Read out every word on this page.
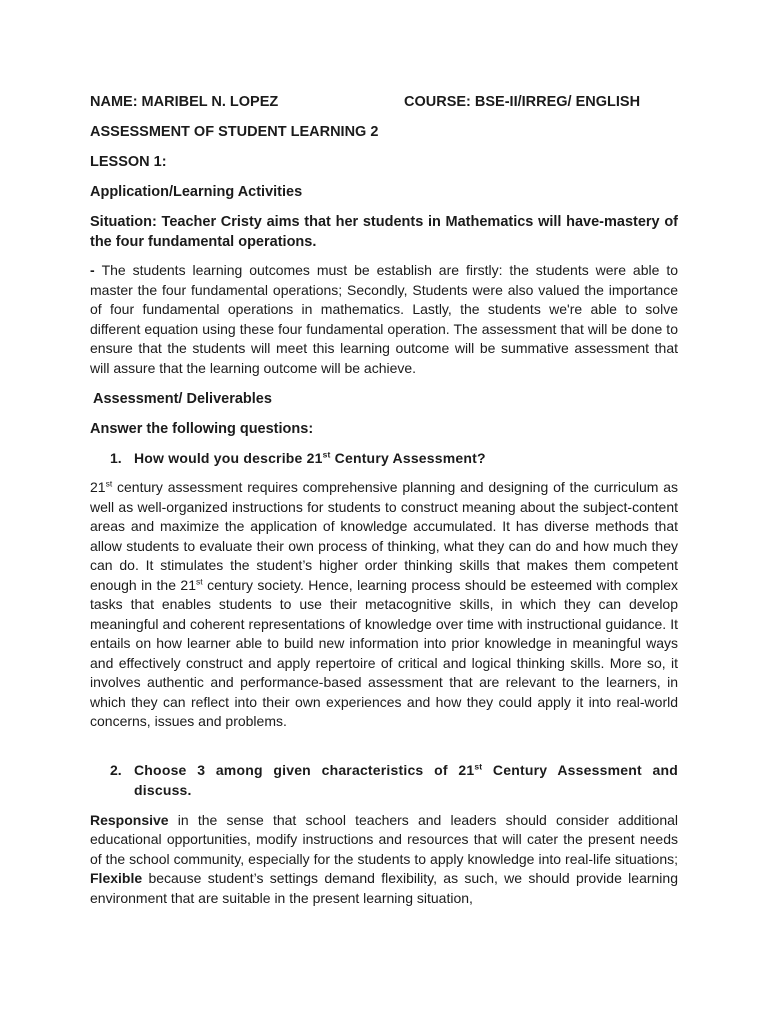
NAME: MARIBEL N. LOPEZ	COURSE: BSE-II/IRREG/ ENGLISH
ASSESSMENT OF STUDENT LEARNING 2
LESSON 1:
Application/Learning Activities

Situation: Teacher Cristy aims that her students in Mathematics will have-mastery of the four fundamental operations.

- The students learning outcomes must be establish are firstly: the students were able to master the four fundamental operations; Secondly, Students were also valued the importance of four fundamental operations in mathematics. Lastly, the students we're able to solve different equation using these four fundamental operation. The assessment that will be done to ensure that the students will meet this learning outcome will be summative assessment that will assure that the learning outcome will be achieve.

Assessment/ Deliverables
Answer the following questions:
1. How would you describe 21st Century Assessment?

21st century assessment requires comprehensive planning and designing of the curriculum as well as well-organized instructions for students to construct meaning about the subject-content areas and maximize the application of knowledge accumulated. It has diverse methods that allow students to evaluate their own process of thinking, what they can do and how much they can do. It stimulates the student’s higher order thinking skills that makes them competent enough in the 21st century society. Hence, learning process should be esteemed with complex tasks that enables students to use their metacognitive skills, in which they can develop meaningful and coherent representations of knowledge over time with instructional guidance. It entails on how learner able to build new information into prior knowledge in meaningful ways and effectively construct and apply repertoire of critical and logical thinking skills. More so, it involves authentic and performance-based assessment that are relevant to the learners, in which they can reflect into their own experiences and how they could apply it into real-world concerns, issues and problems.

2. Choose 3 among given characteristics of 21st Century Assessment and discuss.

Responsive in the sense that school teachers and leaders should consider additional educational opportunities, modify instructions and resources that will cater the present needs of the school community, especially for the students to apply knowledge into real-life situations; Flexible because student’s settings demand flexibility, as such, we should provide learning environment that are suitable in the present learning situation,
